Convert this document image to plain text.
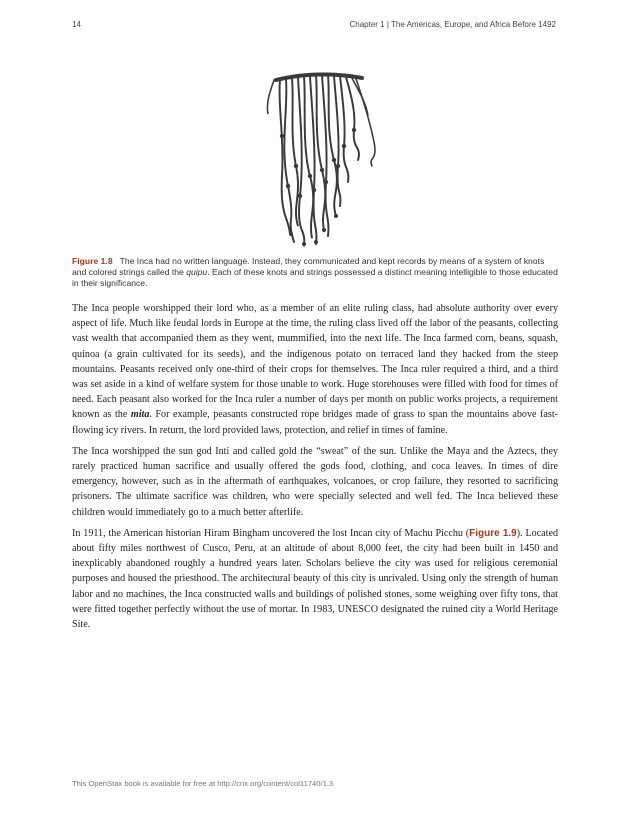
14	Chapter 1 | The Americas, Europe, and Africa Before 1492
Figure 1.8 The Inca had no written language. Instead, they communicated and kept records by means of a system of knots and colored strings called the quipu. Each of these knots and strings possessed a distinct meaning intelligible to those educated in their significance.

The Inca people worshipped their lord who, as a member of an elite ruling class, had absolute authority over every aspect of life. Much like feudal lords in Europe at the time, the ruling class lived off the labor of the peasants, collecting vast wealth that accompanied them as they went, mummified, into the next life. The Inca farmed corn, beans, squash, quinoa (a grain cultivated for its seeds), and the indigenous potato on terraced land they hacked from the steep mountains. Peasants received only one-third of their crops for themselves. The Inca ruler required a third, and a third was set aside in a kind of welfare system for those unable to work. Huge storehouses were filled with food for times of need. Each peasant also worked for the Inca ruler a number of days per month on public works projects, a requirement known as the mita. For example, peasants constructed rope bridges made of grass to span the mountains above fast-flowing icy rivers. In return, the lord provided laws, protection, and relief in times of famine.

The Inca worshipped the sun god Inti and called gold the “sweat” of the sun. Unlike the Maya and the Aztecs, they rarely practiced human sacrifice and usually offered the gods food, clothing, and coca leaves. In times of dire emergency, however, such as in the aftermath of earthquakes, volcanoes, or crop failure, they resorted to sacrificing prisoners. The ultimate sacrifice was children, who were specially selected and well fed. The Inca believed these children would immediately go to a much better afterlife.

In 1911, the American historian Hiram Bingham uncovered the lost Incan city of Machu Picchu (Figure 1.9). Located about fifty miles northwest of Cusco, Peru, at an altitude of about 8,000 feet, the city had been built in 1450 and inexplicably abandoned roughly a hundred years later. Scholars believe the city was used for religious ceremonial purposes and housed the priesthood. The architectural beauty of this city is unrivaled. Using only the strength of human labor and no machines, the Inca constructed walls and buildings of polished stones, some weighing over fifty tons, that were fitted together perfectly without the use of mortar. In 1983, UNESCO designated the ruined city a World Heritage Site.

This OpenStax book is available for free at http://cnx.org/content/col11740/1.3
